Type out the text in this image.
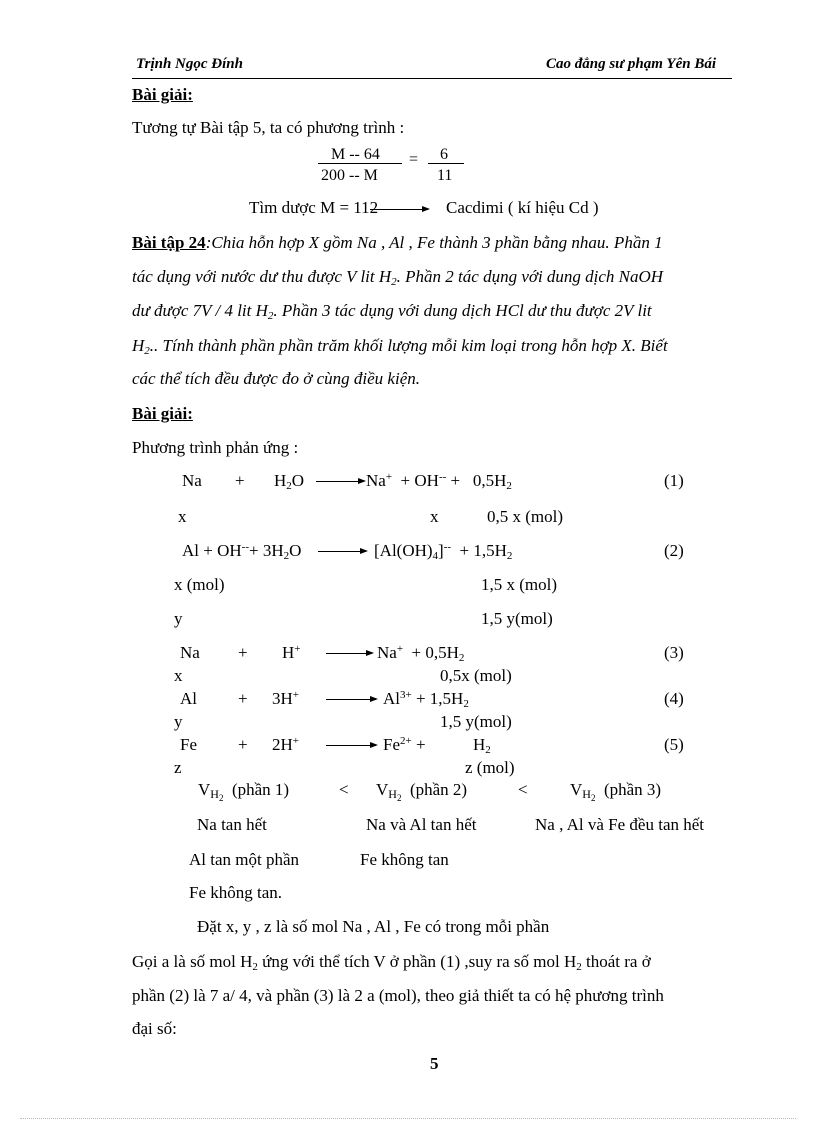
Trịnh Ngọc Đính	Cao đẳng sư phạm Yên Bái
Bài giải:
Tương tự Bài tập 5, ta có phương trình :
M -- 64
200 -- M
= 6
11
Tìm dược M = 112	Cacdimi ( kí hiệu Cd )
Bài tập 24:Chia hỗn hợp X gồm Na , Al , Fe thành 3 phần bằng nhau. Phần 1
tác dụng với nước dư thu được V lit $H_2$. Phần 2 tác dụng với dung dịch NaOH
dư được 7V / 4 lit $H_2$. Phần 3 tác dụng với dung dịch HCl dư thu được 2V lit
$H_2$.. Tính thành phần phần trăm khối lượng mỗi kim loại trong hỗn hợp X. Biết
các thể tích đều được đo ở cùng điều kiện.
Bài giải:
Phương trình phản ứng :
$Na + H_2O$	$Na^+ + OH^{--} + 0,5H_2$	(1)
x	x	0,5 x (mol)
$Al + OH^{--}+ 3H_2O$	$[Al(OH)_4]^{--} + 1,5H_2$	(2)
x (mol)	1,5 x (mol)
y	1,5 y(mol)
Na + H+	$Na^+ + 0,5H_2$	(3)
x	0,5x (mol)
Al + 3H+	$Al^{3+} + 1,5H_2$	(4)
y	1,5 y(mol)
Fe + 2H+	$Fe^{2+}$ +	$H_2$	(5)
z	z (mol)
$V_{H_2}$ (phần 1)	< $V_{H_2}$ (phần 2)	< $V_{H_2}$ (phần 3)
Na tan hết	Na và Al tan hết	Na , Al và Fe đều tan hết
Al tan một phần	Fe không tan
Fe không tan.
Đặt x, y , z là số mol Na , Al , Fe có trong mỗi phần
Gọi a là số mol $H_2$ ứng với thể tích V ở phần (1) ,suy ra số mol $H_2$ thoát ra ở
phần (2) là 7 a/ 4, và phần (3) là 2 a (mol), theo giả thiết ta có hệ phương trình
đại số:
5
